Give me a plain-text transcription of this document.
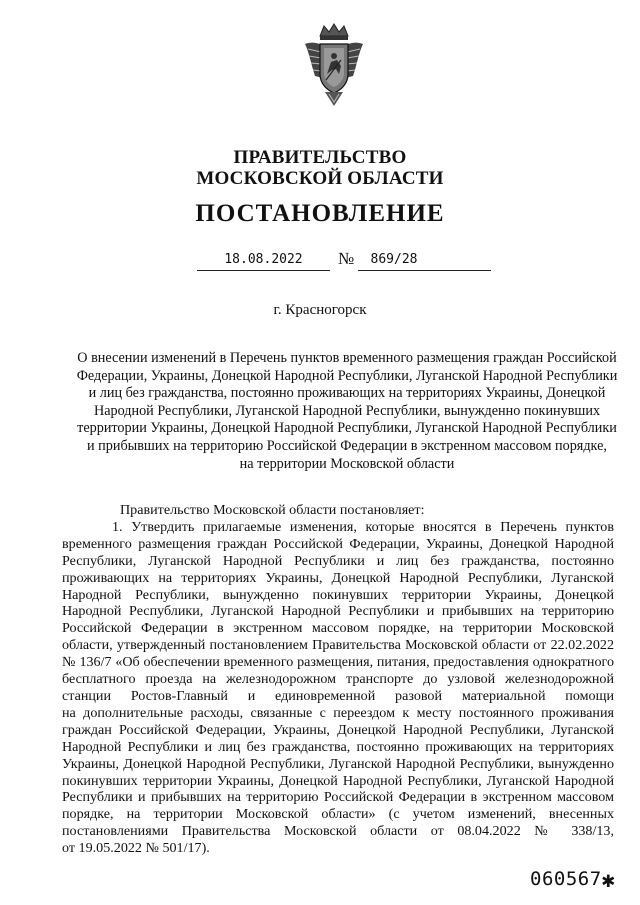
ПРАВИТЕЛЬСТВО
МОСКОВСКОЙ ОБЛАСТИ
ПОСТАНОВЛЕНИЕ
18.08.2022	№	869/28
г. Красногорск
О внесении изменений в Перечень пунктов временного размещения граждан Российской
Федерации, Украины, Донецкой Народной Республики, Луганской Народной Республики
и лиц без гражданства, постоянно проживающих на территориях Украины, Донецкой
Народной Республики, Луганской Народной Республики, вынужденно покинувших
территории Украины, Донецкой Народной Республики, Луганской Народной Республики
и прибывших на территорию Российской Федерации в экстренном массовом порядке,
на территории Московской области
Правительство Московской области постановляет:
1. Утвердить прилагаемые изменения, которые вносятся в Перечень пунктов
временного размещения граждан Российской Федерации, Украины, Донецкой Народной
Республики, Луганской Народной Республики и лиц без гражданства, постоянно
проживающих на территориях Украины, Донецкой Народной Республики, Луганской
Народной Республики, вынужденно покинувших территории Украины, Донецкой
Народной Республики, Луганской Народной Республики и прибывших на территорию
Российской Федерации в экстренном массовом порядке, на территории Московской
области, утвержденный постановлением Правительства Московской области от 22.02.2022
№ 136/7 «Об обеспечении временного размещения, питания, предоставления однократного
бесплатного проезда на железнодорожном транспорте до узловой железнодорожной
станции Ростов-Главный и единовременной разовой материальной помощи
на дополнительные расходы, связанные с переездом к месту постоянного проживания
граждан Российской Федерации, Украины, Донецкой Народной Республики, Луганской
Народной Республики и лиц без гражданства, постоянно проживающих на территориях
Украины, Донецкой Народной Республики, Луганской Народной Республики, вынужденно
покинувших территории Украины, Донецкой Народной Республики, Луганской Народной
Республики и прибывших на территорию Российской Федерации в экстренном массовом
порядке, на территории Московской области» (с учетом изменений, внесенных
постановлениями Правительства Московской области от 08.04.2022 № 338/13,
от 19.05.2022 № 501/17).
060567✱
